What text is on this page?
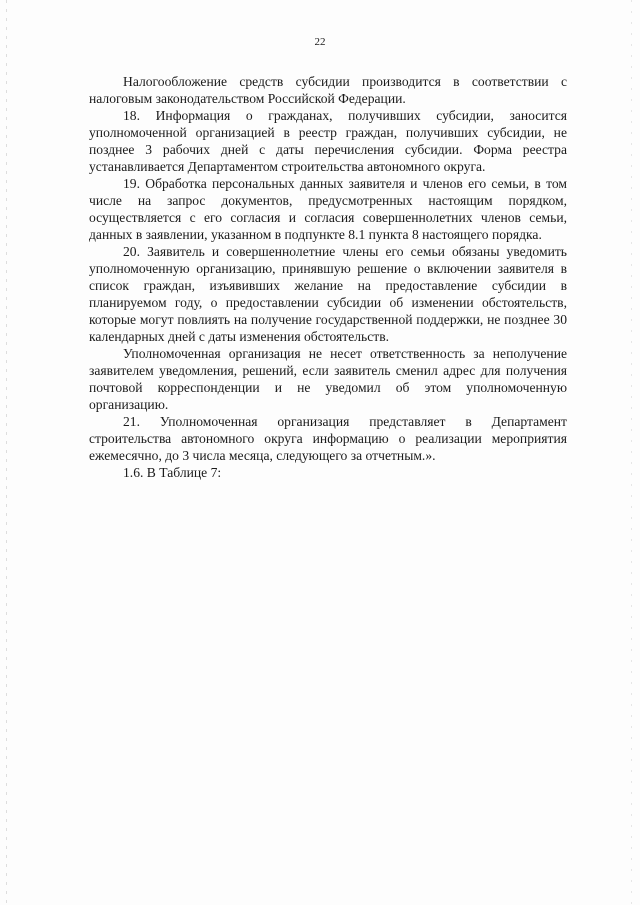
22

Налогообложение средств субсидии производится в соответствии с налоговым законодательством Российской Федерации.

18. Информация о гражданах, получивших субсидии, заносится уполномоченной организацией в реестр граждан, получивших субсидии, не позднее 3 рабочих дней с даты перечисления субсидии. Форма реестра устанавливается Департаментом строительства автономного округа.

19. Обработка персональных данных заявителя и членов его семьи, в том числе на запрос документов, предусмотренных настоящим порядком, осуществляется с его согласия и согласия совершеннолетних членов семьи, данных в заявлении, указанном в подпункте 8.1 пункта 8 настоящего порядка.

20. Заявитель и совершеннолетние члены его семьи обязаны уведомить уполномоченную организацию, принявшую решение о включении заявителя в список граждан, изъявивших желание на предоставление субсидии в планируемом году, о предоставлении субсидии об изменении обстоятельств, которые могут повлиять на получение государственной поддержки, не позднее 30 календарных дней с даты изменения обстоятельств.

Уполномоченная организация не несет ответственность за неполучение заявителем уведомления, решений, если заявитель сменил адрес для получения почтовой корреспонденции и не уведомил об этом уполномоченную организацию.

21. Уполномоченная организация представляет в Департамент строительства автономного округа информацию о реализации мероприятия ежемесячно, до 3 числа месяца, следующего за отчетным.».

1.6. В Таблице 7:
